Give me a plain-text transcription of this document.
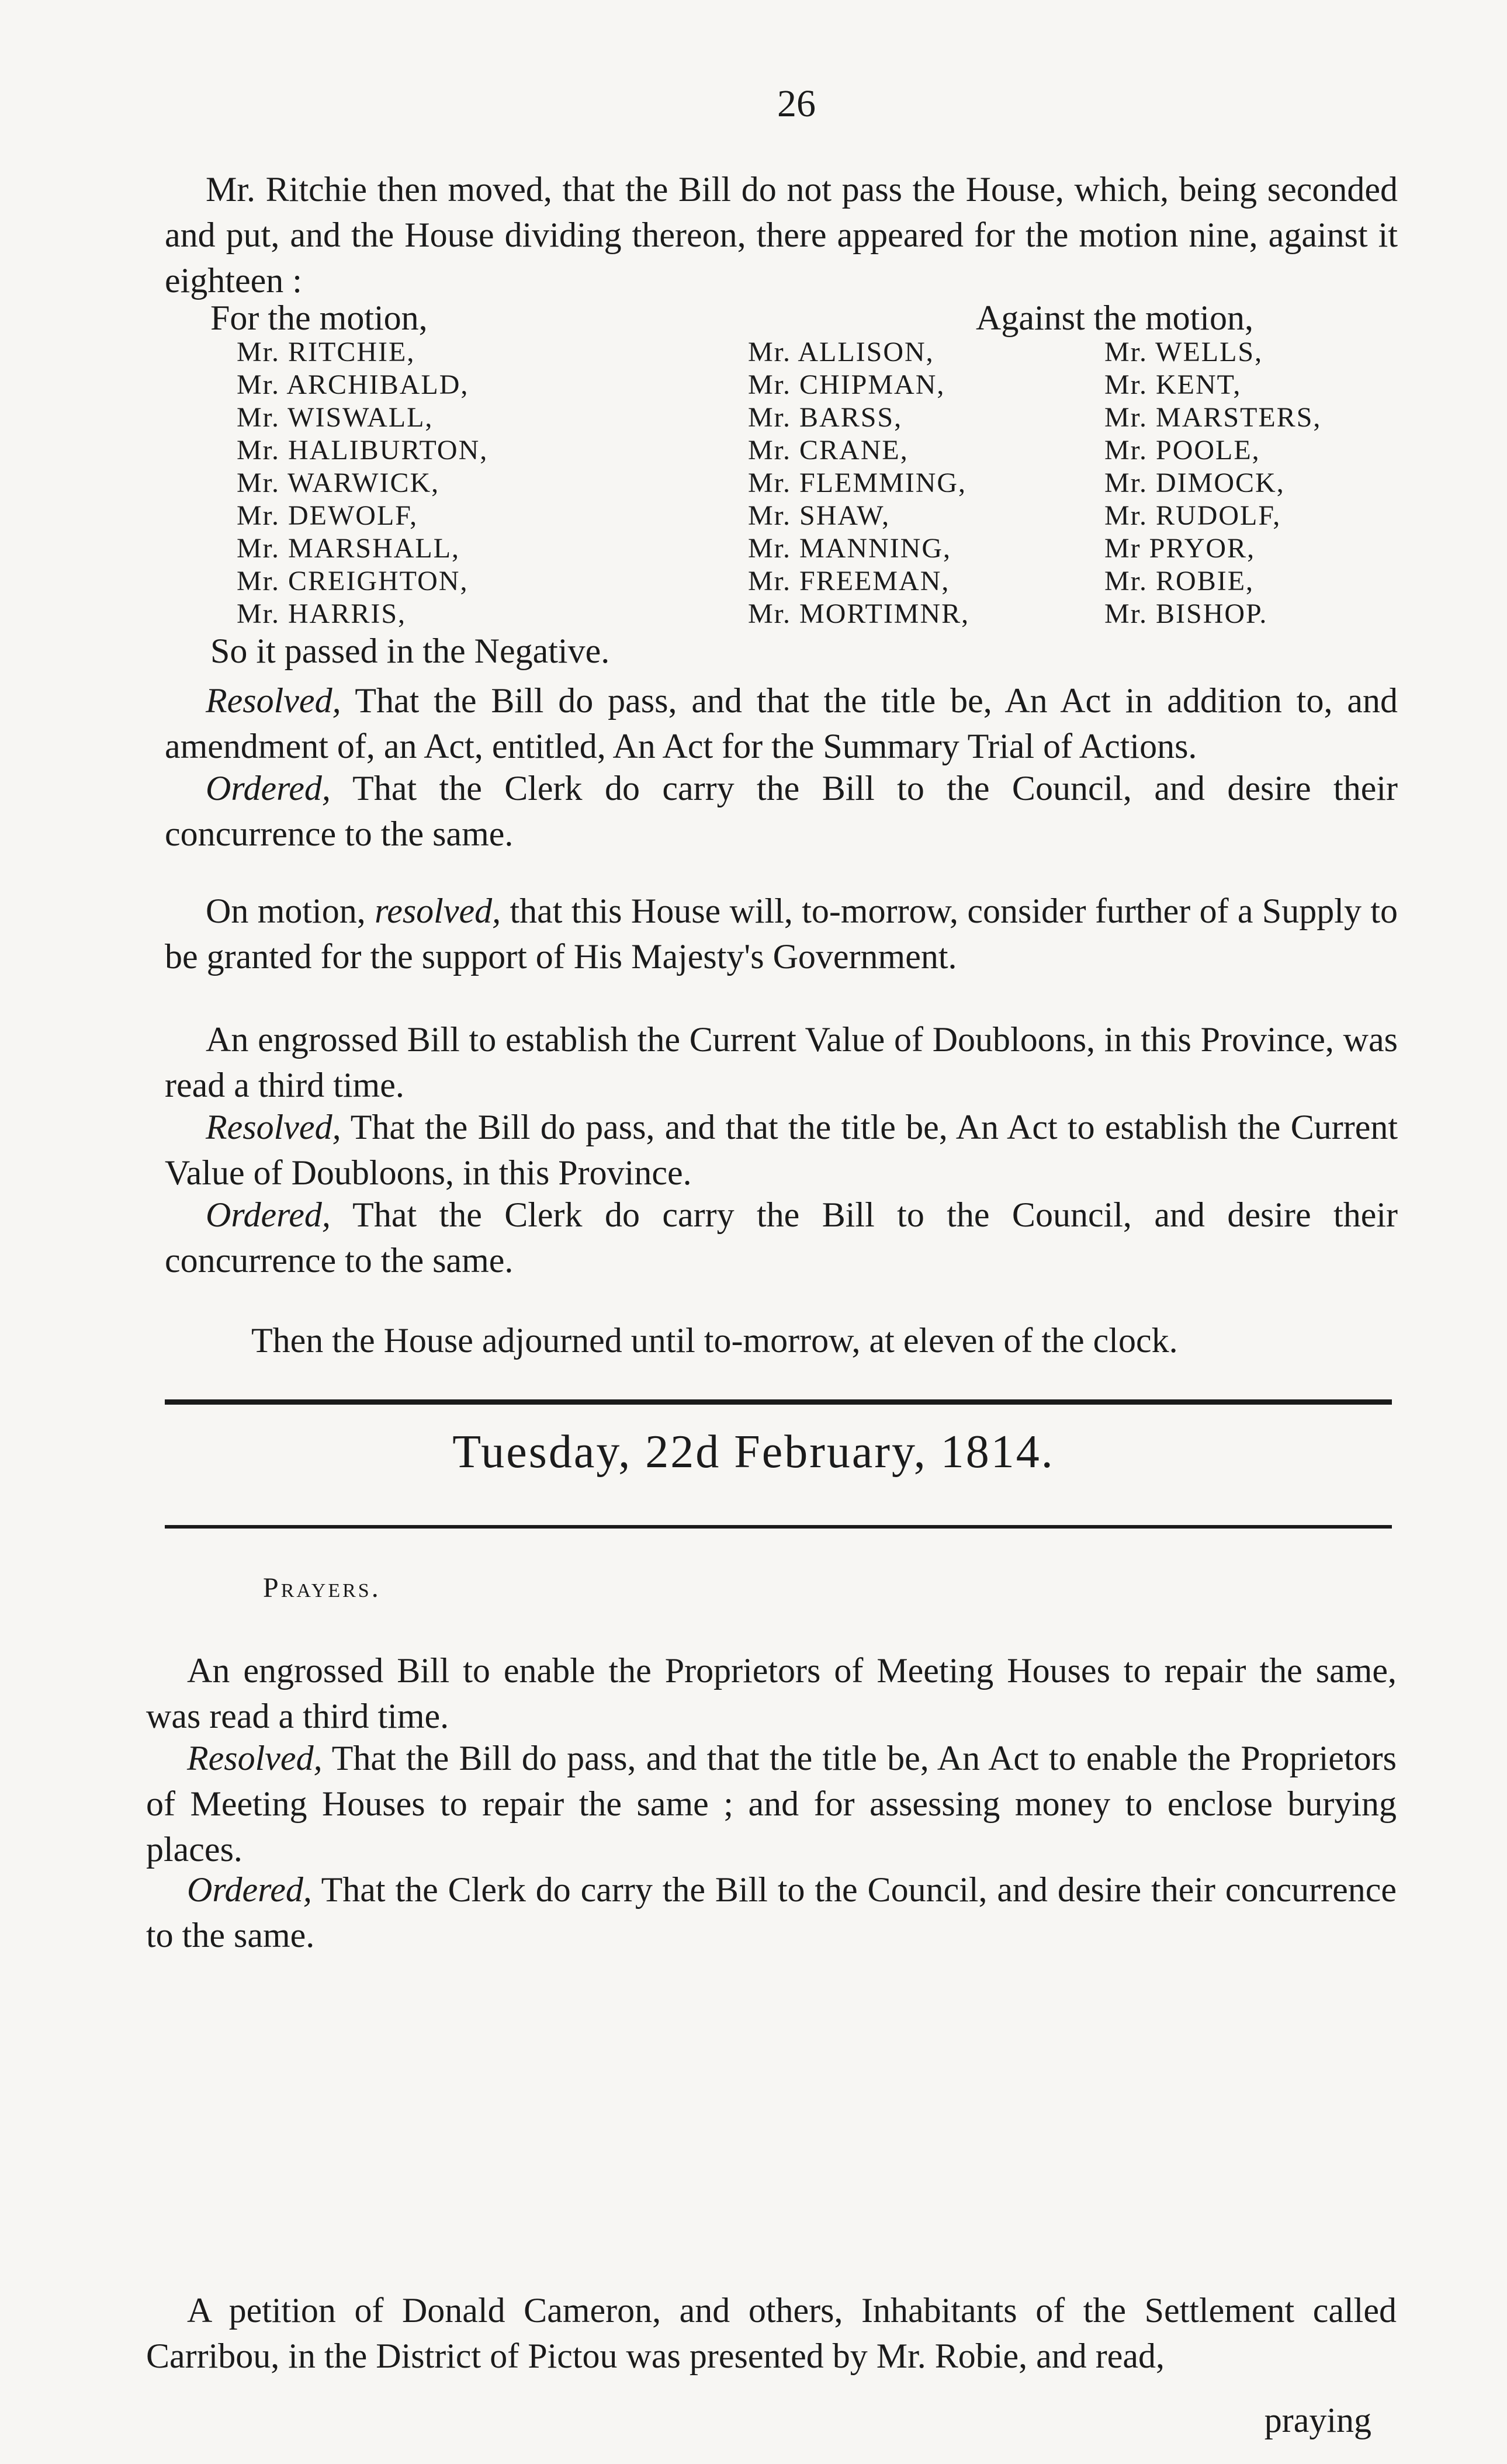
26
Mr. Ritchie then moved, that the Bill do not pass the House, which, being seconded and put, and the House dividing thereon, there appeared for the motion nine, against it eighteen :
For the motion,	Against the motion,
Mr. RITCHIE,
Mr. ARCHIBALD,
Mr. WISWALL,
Mr. HALIBURTON,
Mr. WARWICK,
Mr. DEWOLF,
Mr. MARSHALL,
Mr. CREIGHTON,
Mr. HARRIS,
Mr. ALLISON,
Mr. CHIPMAN,
Mr. BARSS,
Mr. CRANE,
Mr. FLEMMING,
Mr. SHAW,
Mr. MANNING,
Mr. FREEMAN,
Mr. MORTIMNR,
Mr. WELLS,
Mr. KENT,
Mr. MARSTERS,
Mr. POOLE,
Mr. DIMOCK,
Mr. RUDOLF,
Mr PRYOR,
Mr. ROBIE,
Mr. BISHOP.
So it passed in the Negative.
Resolved, That the Bill do pass, and that the title be, An Act in addition to, and amendment of, an Act, entitled, An Act for the Summary Trial of Actions.
Ordered, That the Clerk do carry the Bill to the Council, and desire their concurrence to the same.
On motion, resolved, that this House will, to-morrow, consider further of a Supply to be granted for the support of His Majesty's Government.
An engrossed Bill to establish the Current Value of Doubloons, in this Province, was read a third time.
Resolved, That the Bill do pass, and that the title be, An Act to establish the Current Value of Doubloons, in this Province.
Ordered, That the Clerk do carry the Bill to the Council, and desire their concurrence to the same.
Then the House adjourned until to-morrow, at eleven of the clock.
Tuesday, 22d February, 1814.
Prayers.
An engrossed Bill to enable the Proprietors of Meeting Houses to repair the same, was read a third time.
Resolved, That the Bill do pass, and that the title be, An Act to enable the Proprietors of Meeting Houses to repair the same ; and for assessing money to enclose burying places.
Ordered, That the Clerk do carry the Bill to the Council, and desire their concurrence to the same.
A petition of Donald Cameron, and others, Inhabitants of the Settlement called Carribou, in the District of Pictou was presented by Mr. Robie, and read,
praying
